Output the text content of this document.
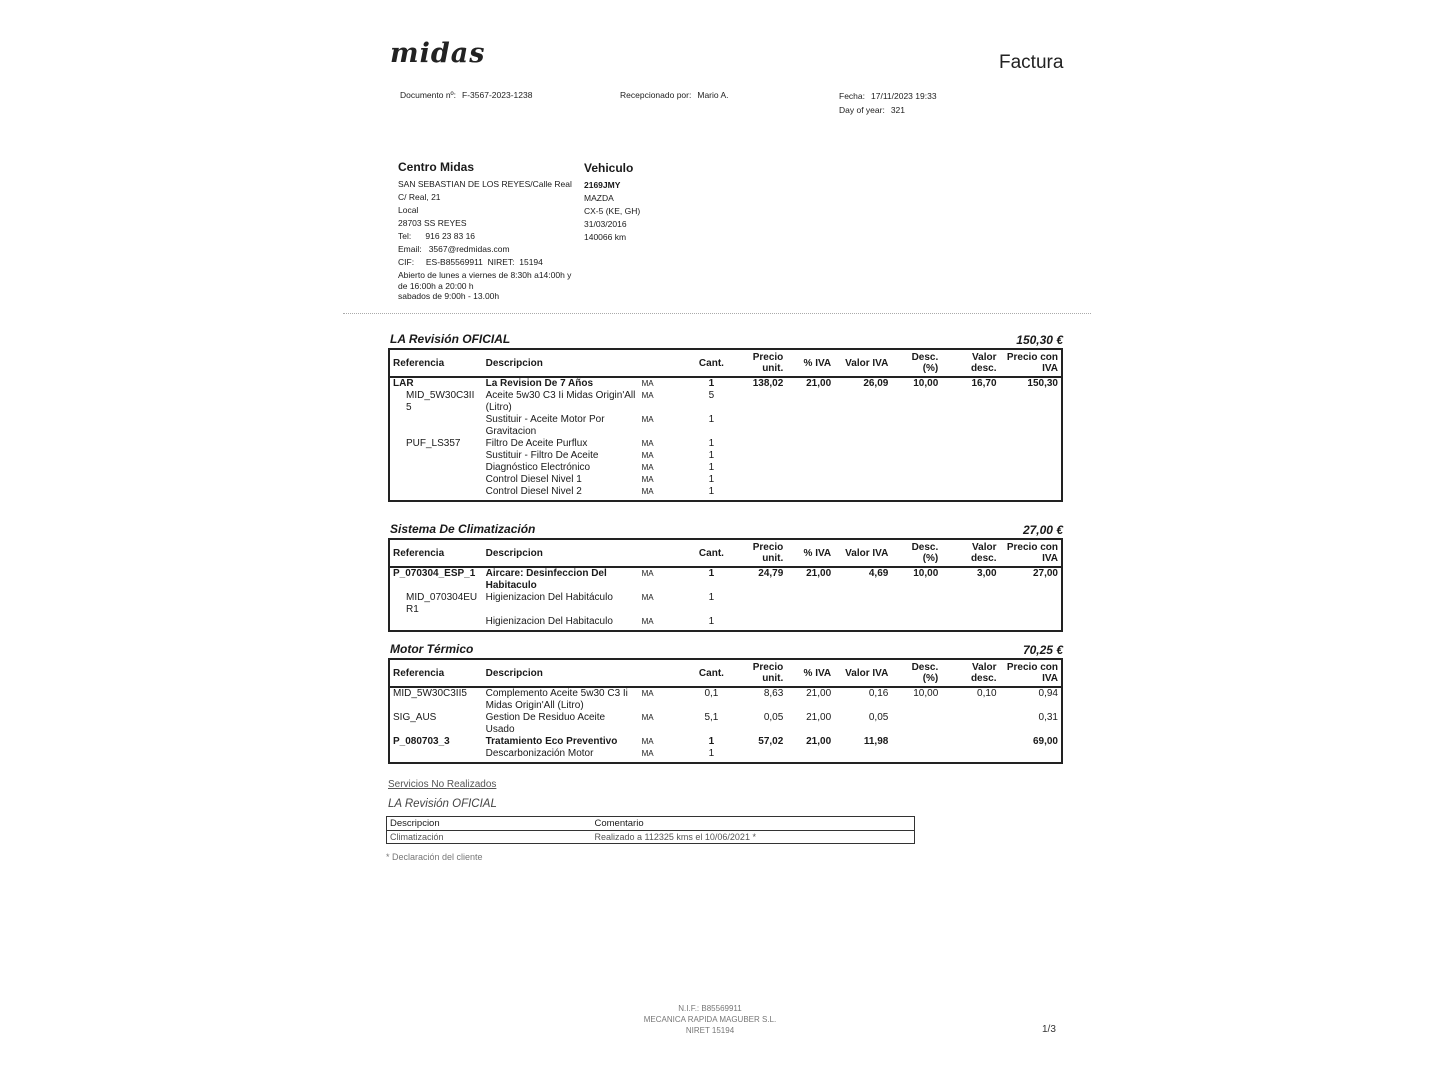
midas	Factura
Documento nº: F-3567-2023-1238	Recepcionado por: Mario A.	Fecha: 17/11/2023 19:33
Day of year: 321
Centro Midas
SAN SEBASTIAN DE LOS REYES/Calle Real
C/ Real, 21
Local
28703 SS REYES
Tel:      916 23 83 16
Email:   3567@redmidas.com
CIF:     ES-B85569911  NIRET:  15194
Abierto de lunes a viernes de 8:30h a14:00h y
de 16:00h a 20:00 h
sabados de 9:00h - 13.00h
Vehiculo
2169JMY
MAZDA
CX-5 (KE, GH)
31/03/2016
140066 km
LA Revisión OFICIAL	150,30 €
Referencia	Descripcion		Cant.	Precio unit.	% IVA	Valor IVA	Desc. (%)	Valor desc.	Precio con IVA
LAR	La Revision De 7 Años	MA	1	138,02	21,00	26,09	10,00	16,70	150,30
MID_5W30C3II5	Aceite 5w30 C3 Ii Midas Origin'All (Litro)	MA	5						
	Sustituir - Aceite Motor Por Gravitacion	MA	1						
PUF_LS357	Filtro De Aceite Purflux	MA	1						
	Sustituir - Filtro De Aceite	MA	1						
	Diagnóstico Electrónico	MA	1						
	Control Diesel Nivel 1	MA	1						
	Control Diesel Nivel 2	MA	1						

Sistema De Climatización	27,00 €
Referencia	Descripcion		Cant.	Precio unit.	% IVA	Valor IVA	Desc. (%)	Valor desc.	Precio con IVA
P_070304_ESP_1	Aircare: Desinfeccion Del Habitaculo	MA	1	24,79	21,00	4,69	10,00	3,00	27,00
MID_070304EUR1	Higienizacion Del Habitáculo	MA	1						
	Higienizacion Del Habitaculo	MA	1						

Motor Térmico	70,25 €
Referencia	Descripcion		Cant.	Precio unit.	% IVA	Valor IVA	Desc. (%)	Valor desc.	Precio con IVA
MID_5W30C3II5	Complemento Aceite 5w30 C3 Ii Midas Origin'All (Litro)	MA	0,1	8,63	21,00	0,16	10,00	0,10	0,94
SIG_AUS	Gestion De Residuo Aceite Usado	MA	5,1	0,05	21,00	0,05			0,31
P_080703_3	Tratamiento Eco Preventivo	MA	1	57,02	21,00	11,98			69,00
	Descarbonización Motor	MA	1						

Servicios No Realizados
LA Revisión OFICIAL
Descripcion	Comentario
Climatización	Realizado a 112325 kms el 10/06/2021 *
* Declaración del cliente
N.I.F.: B85569911
MECANICA RAPIDA MAGUBER S.L.
NIRET 15194	1/3
